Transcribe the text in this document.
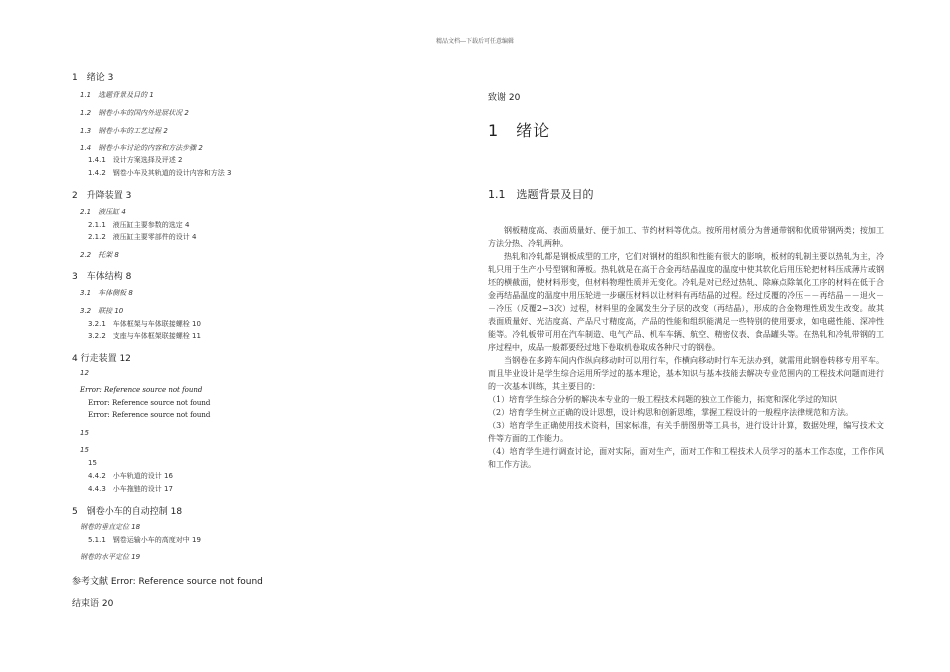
精品文档---下载后可任意编辑
1　绪论 3
1.1　选题背景及目的 1
1.2　钢卷小车的国内外进展状况 2
1.3　钢卷小车的工艺过程 2
1.4　钢卷小车讨论的内容和方法步骤 2
1.4.1　设计方案选择及评述 2
1.4.2　钢卷小车及其轨道的设计内容和方法 3
2　升降装置 3
2.1　液压缸 4
2.1.1　液压缸主要参数的选定 4
2.1.2　液压缸主要零部件的设计 4
2.2　托架 8
3　车体结构 8
3.1　车体侧板 8
3.2　联接 10
3.2.1　车体框架与车体联接螺栓 10
3.2.2　支座与车体框架联接螺栓 11
4 行走装置 12
12
Error: Reference source not found
Error: Reference source not found
Error: Reference source not found
15
15
15
4.4.2　小车轨道的设计 16
4.4.3　小车拖链的设计 17
5　钢卷小车的自动控制 18
钢卷的垂直定位 18
5.1.1　钢卷运输小车的高度对中 19
钢卷的水平定位 19
参考文献 Error: Reference source not found
结束语 20
致谢 20
1　绪论
1.1　选题背景及目的

钢板精度高、表面质量好、便于加工、节约材料等优点。按所用材质分为普通带钢和优质带钢两类；按加工方法分热、冷轧两种。

热轧和冷轧都是钢板成型的工序，它们对钢材的组织和性能有很大的影响，板材的轧制主要以热轧为主，冷轧只用于生产小号型钢和薄板。热轧就是在高于合金再结晶温度的温度中使其软化后用压轮把材料压成薄片或钢坯的横截面，使材料形变，但材料物理性质并无变化。冷轧是对已经过热轧、除麻点除氧化工序的材料在低于合金再结晶温度的温度中用压轮进一步碾压材料以让材料有再结晶的过程。经过反覆的冷压－－再结晶－－退火－－冷压（反覆2~3次）过程，材料里的金属发生分子层的改变（再结晶），形成的合金物理性质发生改变。故其表面质量好、光洁度高、产品尺寸精度高，产品的性能和组织能满足一些特别的使用要求，如电磁性能、深冲性能等。冷轧板带可用在汽车制造、电气产品、机车车辆、航空、精密仪表、食品罐头等。在热轧和冷轧带钢的工序过程中，成品一般都要经过地下卷取机卷取成各种尺寸的钢卷。

当钢卷在多跨车间内作纵向移动时可以用行车，作横向移动时行车无法办到，就需用此钢卷转移专用平车。而且毕业设计是学生综合运用所学过的基本理论，基本知识与基本技能去解决专业范围内的工程技术问题而进行的一次基本训练，其主要目的：

（1）培育学生综合分析的解决本专业的一般工程技术问题的独立工作能力，拓宽和深化学过的知识

（2）培育学生树立正确的设计思想，设计构思和创新思维，掌握工程设计的一般程序法律规范和方法。

（3）培育学生正确使用技术资料，国家标准，有关手册图册等工具书，进行设计计算，数据处理，编写技术文件等方面的工作能力。

（4）培育学生进行调查讨论，面对实际，面对生产，面对工作和工程技术人员学习的基本工作态度，工作作风和工作方法。
